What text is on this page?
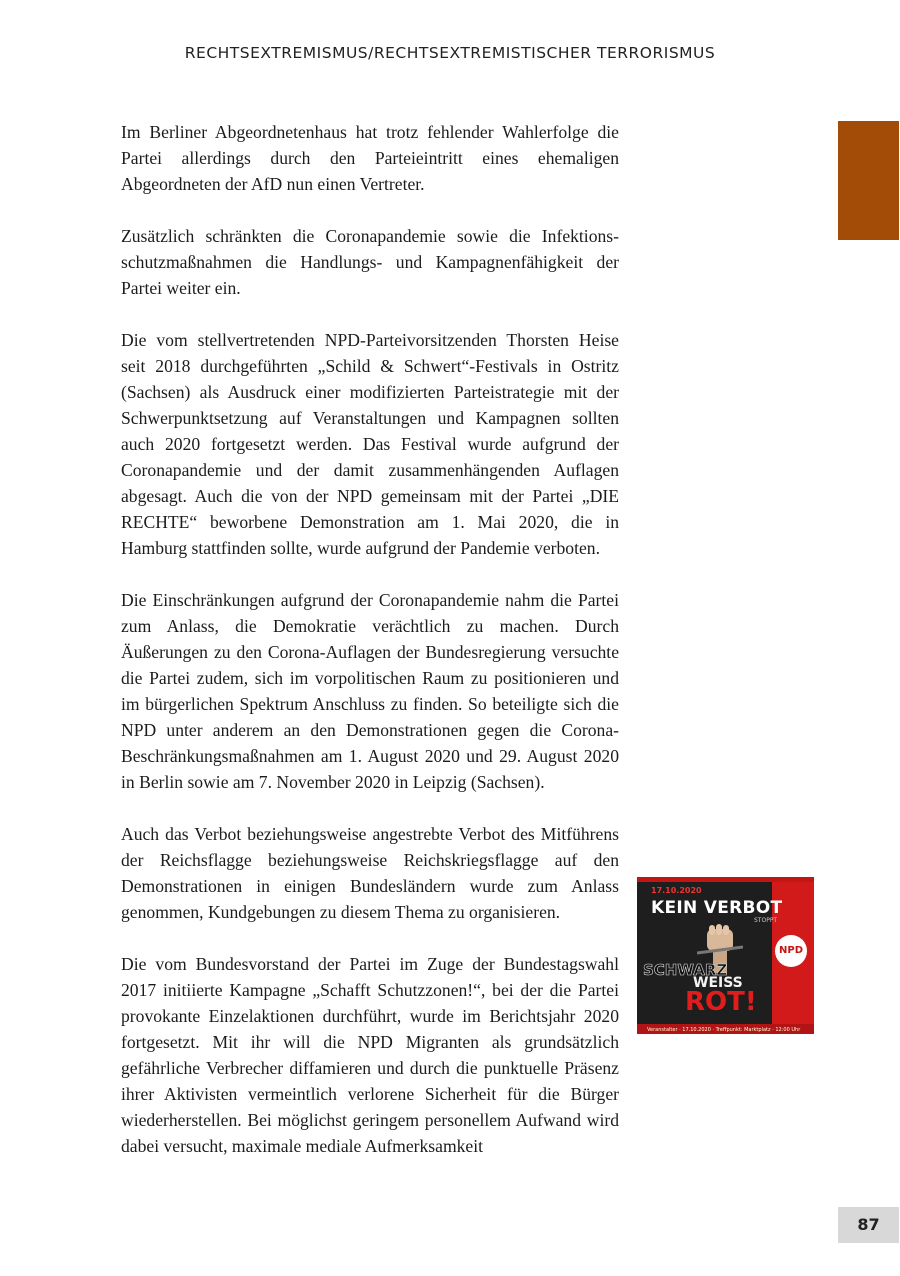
RECHTSEXTREMISMUS/RECHTSEXTREMISTISCHER TERRORISMUS

Im Berliner Abgeordnetenhaus hat trotz fehlender Wahlerfolge die Partei allerdings durch den Parteieintritt eines ehemaligen Abgeordneten der AfD nun einen Vertreter.

Zusätzlich schränkten die Coronapandemie sowie die Infektionsschutzmaßnahmen die Handlungs- und Kampagnenfähigkeit der Partei weiter ein.

Die vom stellvertretenden NPD-Parteivorsitzenden Thorsten Heise seit 2018 durchgeführten „Schild & Schwert“-Festivals in Ostritz (Sachsen) als Ausdruck einer modifizierten Parteistrategie mit der Schwerpunktsetzung auf Veranstaltungen und Kampagnen sollten auch 2020 fortgesetzt werden. Das Festival wurde aufgrund der Coronapandemie und der damit zusammenhängenden Auflagen abgesagt. Auch die von der NPD gemeinsam mit der Partei „DIE RECHTE“ beworbene Demonstration am 1. Mai 2020, die in Hamburg stattfinden sollte, wurde aufgrund der Pandemie verboten.

Die Einschränkungen aufgrund der Coronapandemie nahm die Partei zum Anlass, die Demokratie verächtlich zu machen. Durch Äußerungen zu den Corona-Auflagen der Bundesregierung versuchte die Partei zudem, sich im vorpolitischen Raum zu positionieren und im bürgerlichen Spektrum Anschluss zu finden. So beteiligte sich die NPD unter anderem an den Demonstrationen gegen die Corona-Beschränkungsmaßnahmen am 1. August 2020 und 29. August 2020 in Berlin sowie am 7. November 2020 in Leipzig (Sachsen).

Auch das Verbot beziehungsweise angestrebte Verbot des Mitführens der Reichsflagge beziehungsweise Reichskriegsflagge auf den Demonstrationen in einigen Bundesländern wurde zum Anlass genommen, Kundgebungen zu diesem Thema zu organisieren.

Die vom Bundesvorstand der Partei im Zuge der Bundestagswahl 2017 initiierte Kampagne „Schafft Schutzzonen!“, bei der die Partei provokante Einzelaktionen durchführt, wurde im Berichtsjahr 2020 fortgesetzt. Mit ihr will die NPD Migranten als grundsätzlich gefährliche Verbrecher diffamieren und durch die punktuelle Präsenz ihrer Aktivisten vermeintlich verlorene Sicherheit für die Bürger wiederherstellen. Bei möglichst geringem personellem Aufwand wird dabei versucht, maximale mediale Aufmerksamkeit

17.10.2020
KEIN VERBOT
STOPPT
NPD
SCHWARZ
WEISS
ROT!
Veranstalter · 17.10.2020 · Treffpunkt: Marktplatz · 12:00 Uhr
87
